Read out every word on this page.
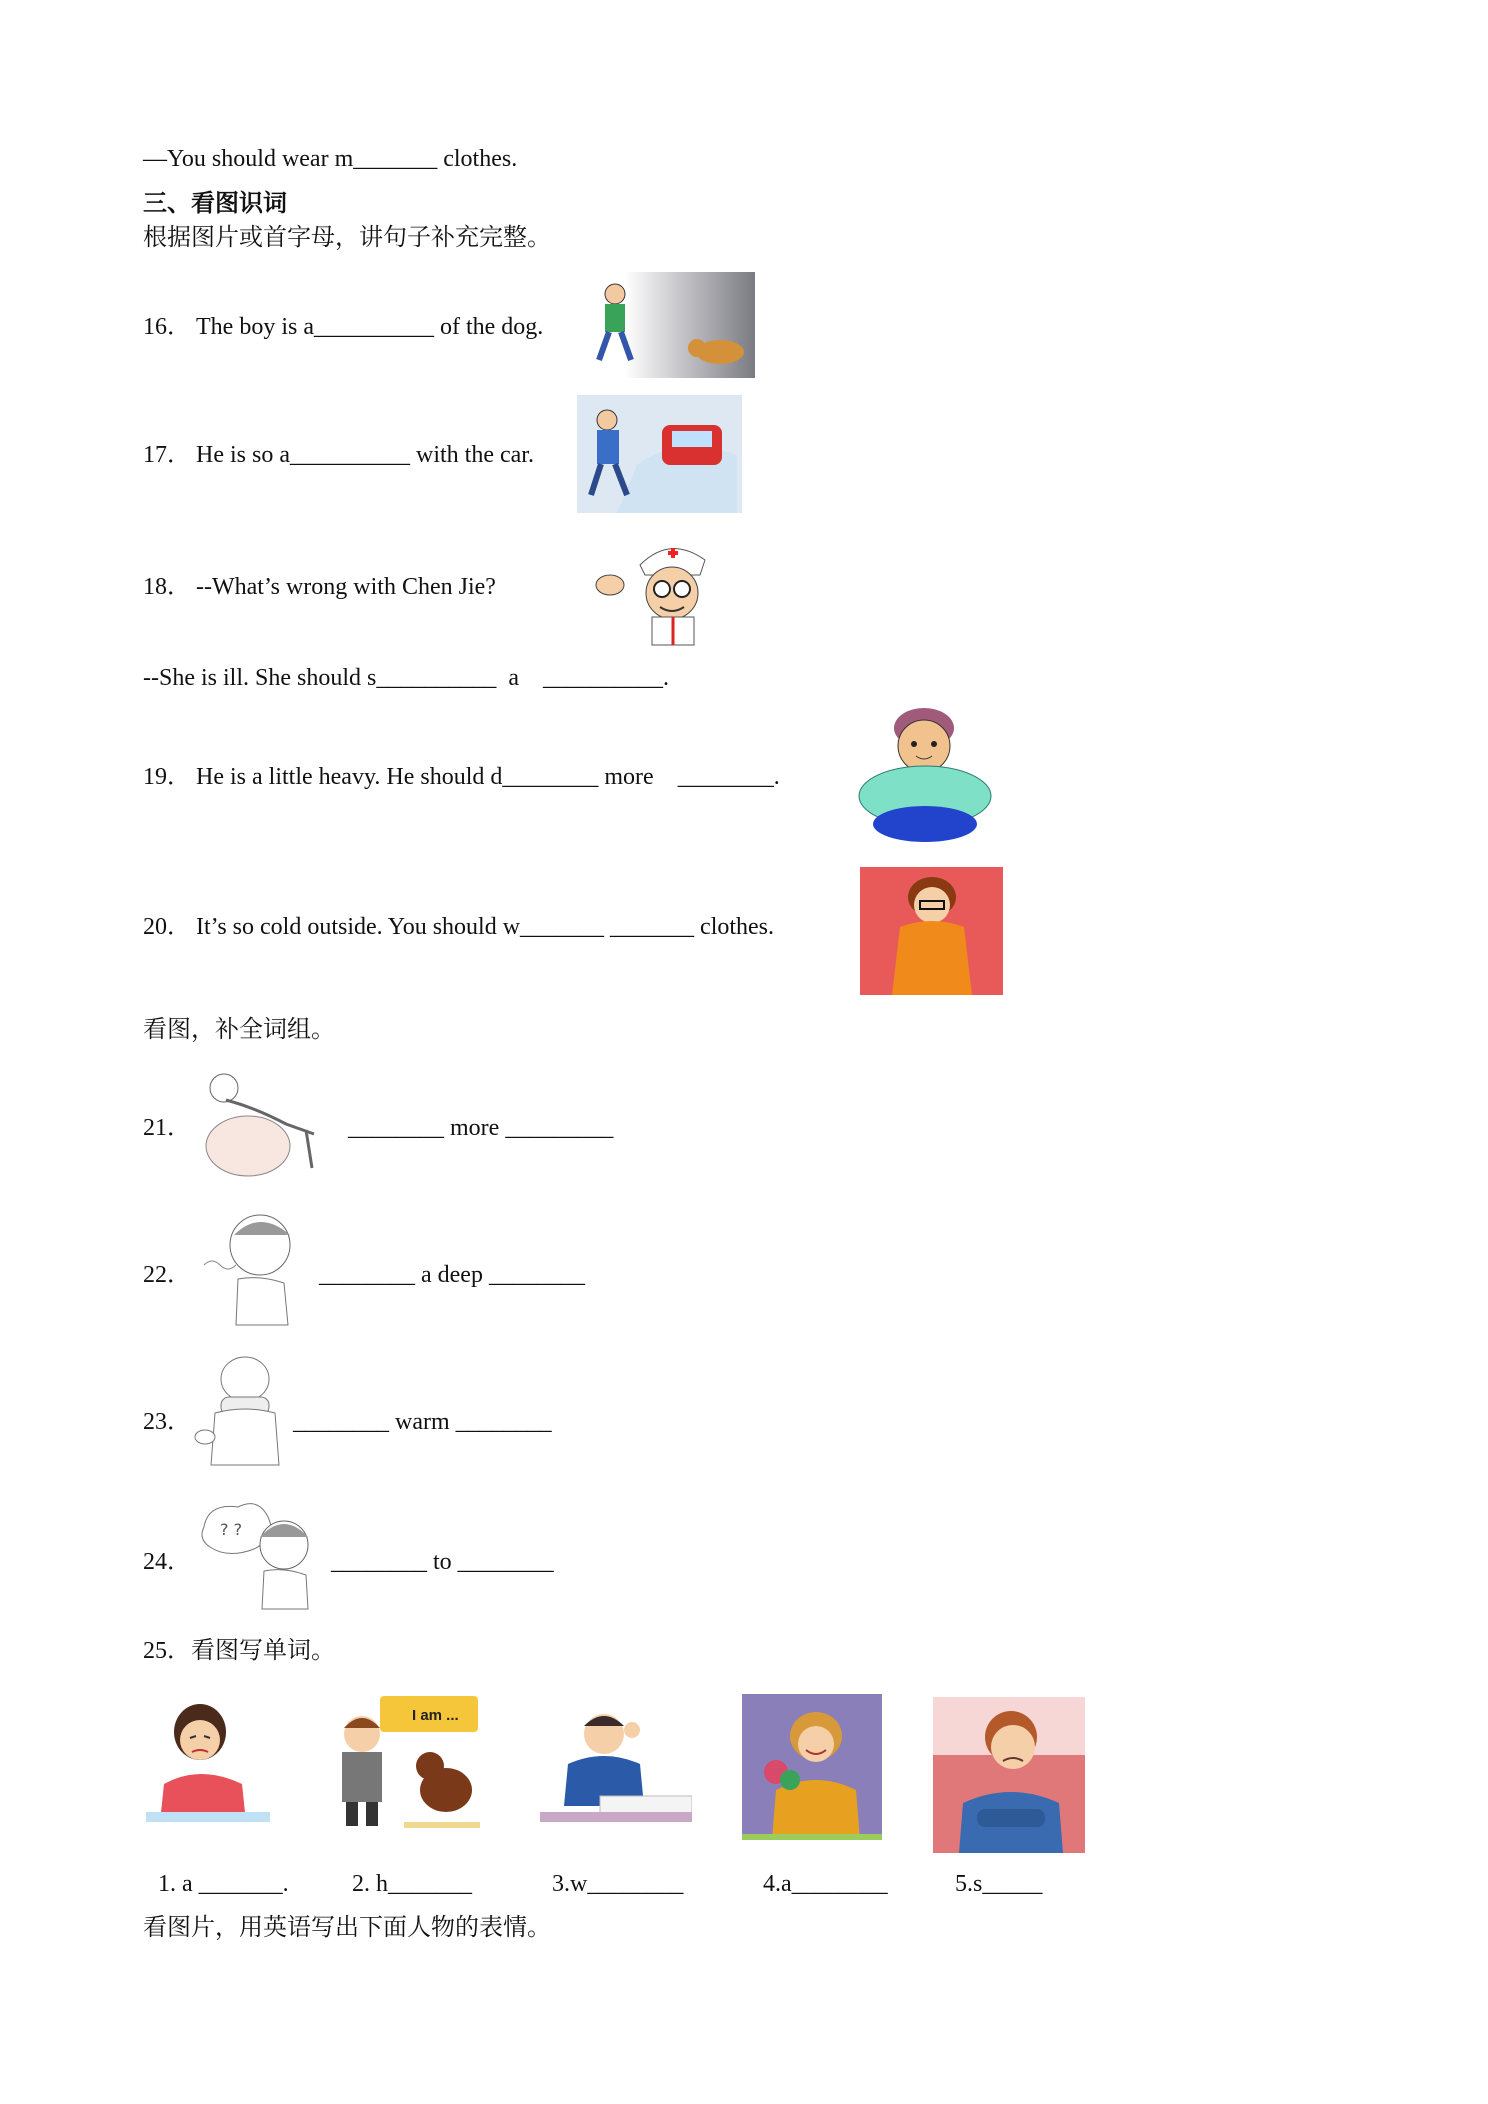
—You should wear m_______ clothes.
三、看图识词
根据图片或首字母，讲句子补充完整。
16． The boy is a__________ of the dog.
17． He is so a__________ with the car.
18． --What’s wrong with Chen Jie?
--She is ill. She should s__________  a    __________.
19． He is a little heavy. He should d________ more    ________.
20． It’s so cold outside. You should w_______ _______ clothes.
看图，补全词组。
21．	________ more _________
22．	________ a deep ________
23．	________ warm ________
24．
? ?
________ to ________
25．看图写单词。
I am ...
1. a _______.	2. h_______	3.w________	4.a________	5.s_____
看图片，用英语写出下面人物的表情。
